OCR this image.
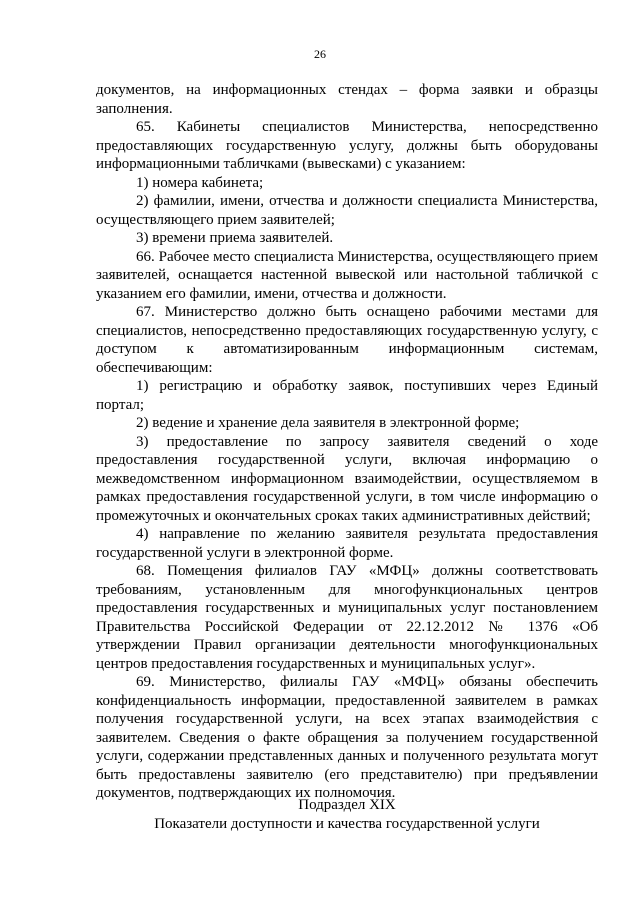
26

документов, на информационных стендах – форма заявки и образцы заполнения.

65. Кабинеты специалистов Министерства, непосредственно предоставляющих государственную услугу, должны быть оборудованы информационными табличками (вывесками) с указанием:

1) номера кабинета;

2) фамилии, имени, отчества и должности специалиста Министерства, осуществляющего прием заявителей;

3) времени приема заявителей.

66. Рабочее место специалиста Министерства, осуществляющего прием заявителей, оснащается настенной вывеской или настольной табличкой с указанием его фамилии, имени, отчества и должности.

67. Министерство должно быть оснащено рабочими местами для специалистов, непосредственно предоставляющих государственную услугу, с доступом к автоматизированным информационным системам, обеспечивающим:

1) регистрацию и обработку заявок, поступивших через Единый портал;

2) ведение и хранение дела заявителя в электронной форме;

3) предоставление по запросу заявителя сведений о ходе предоставления государственной услуги, включая информацию о межведомственном информационном взаимодействии, осуществляемом в рамках предоставления государственной услуги, в том числе информацию о промежуточных и окончательных сроках таких административных действий;

4) направление по желанию заявителя результата предоставления государственной услуги в электронной форме.

68. Помещения филиалов ГАУ «МФЦ» должны соответствовать требованиям, установленным для многофункциональных центров предоставления государственных и муниципальных услуг постановлением Правительства Российской Федерации от 22.12.2012 № 1376 «Об утверждении Правил организации деятельности многофункциональных центров предоставления государственных и муниципальных услуг».

69. Министерство, филиалы ГАУ «МФЦ» обязаны обеспечить конфиденциальность информации, предоставленной заявителем в рамках получения государственной услуги, на всех этапах взаимодействия с заявителем. Сведения о факте обращения за получением государственной услуги, содержании представленных данных и полученного результата могут быть предоставлены заявителю (его представителю) при предъявлении документов, подтверждающих их полномочия.

Подраздел XIX
Показатели доступности и качества государственной услуги
